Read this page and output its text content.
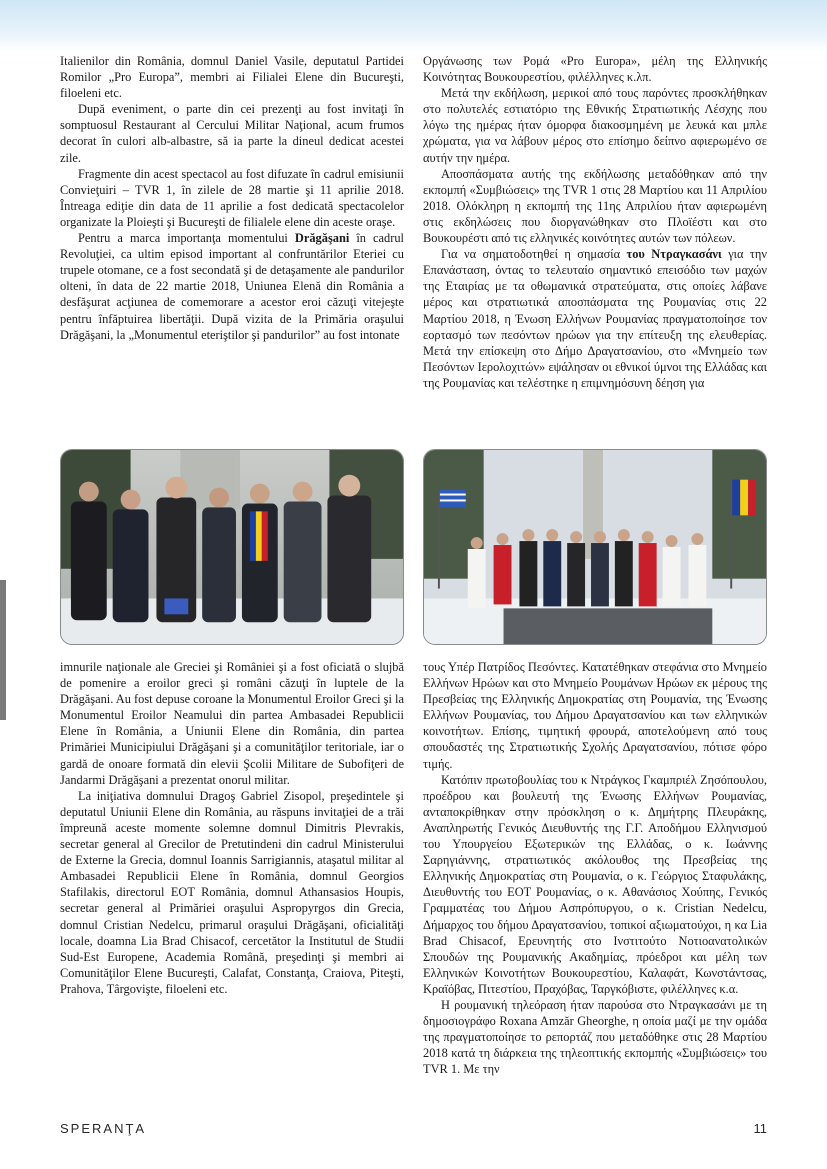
Italienilor din România, domnul Daniel Vasile, deputatul Partidei Romilor „Pro Europa”, membri ai Filialei Elene din Bucureşti, filoeleni etc.

După eveniment, o parte din cei prezenţi au fost invitaţi în somptuosul Restaurant al Cercului Militar Naţional, acum frumos decorat în culori alb-albastre, să ia parte la dineul dedicat acestei zile.

Fragmente din acest spectacol au fost difuzate în cadrul emisiunii Convieţuiri – TVR 1, în zilele de 28 martie şi 11 aprilie 2018. Întreaga ediţie din data de 11 aprilie a fost dedicată spectacolelor organizate la Ploieşti şi Bucureşti de filialele elene din aceste oraşe.

Pentru a marca importanţa momentului Drăgăşani în cadrul Revoluţiei, ca ultim episod important al confruntărilor Eteriei cu trupele otomane, ce a fost secondată şi de detaşamente ale pandurilor olteni, în data de 22 martie 2018, Uniunea Elenă din România a desfăşurat acţiunea de comemorare a acestor eroi căzuţi vitejeşte pentru înfăptuirea libertăţii. După vizita de la Primăria oraşului Drăgăşani, la „Monumentul eteriştilor şi pandurilor” au fost intonate

Οργάνωσης των Ρομά «Pro Europa», μέλη της Ελληνικής Κοινότητας Βουκουρεστίου, φιλέλληνες κ.λπ.

Μετά την εκδήλωση, μερικοί από τους παρόντες προσκλήθηκαν στο πολυτελές εστιατόριο της Εθνικής Στρατιωτικής Λέσχης που λόγω της ημέρας ήταν όμορφα διακοσμημένη με λευκά και μπλε χρώματα, για να λάβουν μέρος στο επίσημο δείπνο αφιερωμένο σε αυτήν την ημέρα.

Αποσπάσματα αυτής της εκδήλωσης μεταδόθηκαν από την εκπομπή «Συμβιώσεις» της TVR 1 στις 28 Μαρτίου και 11 Απριλίου 2018. Ολόκληρη η εκπομπή της 11ης Απριλίου ήταν αφιερωμένη στις εκδηλώσεις που διοργανώθηκαν στο Πλοϊέστι και στο Βουκουρέστι από τις ελληνικές κοινότητες αυτών των πόλεων.

Για να σηματοδοτηθεί η σημασία του Ντραγκασάνι για την Επανάσταση, όντας το τελευταίο σημαντικό επεισόδιο των μαχών της Εταιρίας με τα οθωμανικά στρατεύματα, στις οποίες λάβανε μέρος και στρατιωτικά αποσπάσματα της Ρουμανίας στις 22 Μαρτίου 2018, η Ένωση Ελλήνων Ρουμανίας πραγματοποίησε τον εορτασμό των πεσόντων ηρώων για την επίτευξη της ελευθερίας. Μετά την επίσκεψη στο Δήμο Δραγατσανίου, στο «Μνημείο των Πεσόντων Ιερολοχιτών» εψάλησαν οι εθνικοί ύμνοι της Ελλάδας και της Ρουμανίας και τελέστηκε η επιμνημόσυνη δέηση για

imnurile naţionale ale Greciei şi României şi a fost oficiată o slujbă de pomenire a eroilor greci şi români căzuţi în luptele de la Drăgăşani. Au fost depuse coroane la Monumentul Eroilor Greci şi la Monumentul Eroilor Neamului din partea Ambasadei Republicii Elene în România, a Uniunii Elene din România, din partea Primăriei Municipiului Drăgăşani şi a comunităţilor teritoriale, iar o gardă de onoare formată din elevii Şcolii Militare de Subofiţeri de Jandarmi Drăgăşani a prezentat onorul militar.

La iniţiativa domnului Dragoş Gabriel Zisopol, preşedintele şi deputatul Uniunii Elene din România, au răspuns invitaţiei de a trăi împreună aceste momente solemne domnul Dimitris Plevrakis, secretar general al Grecilor de Pretutindeni din cadrul Ministerului de Externe la Grecia, domnul Ioannis Sarrigiannis, ataşatul militar al Ambasadei Republicii Elene în România, domnul Georgios Stafilakis, directorul EOT România, domnul Athansasios Houpis, secretar general al Primăriei oraşului Aspropyrgos din Grecia, domnul Cristian Nedelcu, primarul oraşului Drăgăşani, oficialităţi locale, doamna Lia Brad Chisacof, cercetător la Institutul de Studii Sud-Est Europene, Academia Română, preşedinţi şi membri ai Comunităţilor Elene Bucureşti, Calafat, Constanţa, Craiova, Piteşti, Prahova, Târgovişte, filoeleni etc.

τους Υπέρ Πατρίδος Πεσόντες. Κατατέθηκαν στεφάνια στο Μνημείο Ελλήνων Ηρώων και στο Μνημείο Ρουμάνων Ηρώων εκ μέρους της Πρεσβείας της Ελληνικής Δημοκρατίας στη Ρουμανία, της Ένωσης Ελλήνων Ρουμανίας, του Δήμου Δραγατσανίου και των ελληνικών κοινοτήτων. Επίσης, τιμητική φρουρά, αποτελούμενη από τους σπουδαστές της Στρατιωτικής Σχολής Δραγατσανίου, πότισε φόρο τιμής.

Κατόπιν πρωτοβουλίας του κ Ντράγκος Γκαμπριέλ Ζησόπουλου, προέδρου και βουλευτή της Ένωσης Ελλήνων Ρουμανίας, ανταποκρίθηκαν στην πρόσκληση ο κ. Δημήτρης Πλευράκης, Αναπληρωτής Γενικός Διευθυντής της Γ.Γ. Αποδήμου Ελληνισμού του Υπουργείου Εξωτερικών της Ελλάδας, ο κ. Ιωάννης Σαρηγιάννης, στρατιωτικός ακόλουθος της Πρεσβείας της Ελληνικής Δημοκρατίας στη Ρουμανία, ο κ. Γεώργιος Σταφυλάκης, Διευθυντής του ΕΟΤ Ρουμανίας, ο κ. Αθανάσιος Χούπης, Γενικός Γραμματέας του Δήμου Ασπρόπυργου, ο κ. Cristian Nedelcu, Δήμαρχος του δήμου Δραγατσανίου, τοπικοί αξιωματούχοι, η κα Lia Brad Chisacof, Ερευνητής στο Ινστιτούτο Νοτιοανατολικών Σπουδών της Ρουμανικής Ακαδημίας, πρόεδροι και μέλη των Ελληνικών Κοινοτήτων Βουκουρεστίου, Καλαφάτ, Κωνστάντσας, Κραϊόβας, Πιτεστίου, Πραχόβας, Ταργκόβιστε, φιλέλληνες κ.α.

Η ρουμανική τηλεόραση ήταν παρούσα στο Ντραγκασάνι με τη δημοσιογράφο Roxana Amzăr Gheorghe, η οποία μαζί με την ομάδα της πραγματοποίησε το ρεπορτάζ που μεταδόθηκε στις 28 Μαρτίου 2018 κατά τη διάρκεια της τηλεοπτικής εκπομπής «Συμβιώσεις» του TVR 1. Με την

SPERANŢA	11
